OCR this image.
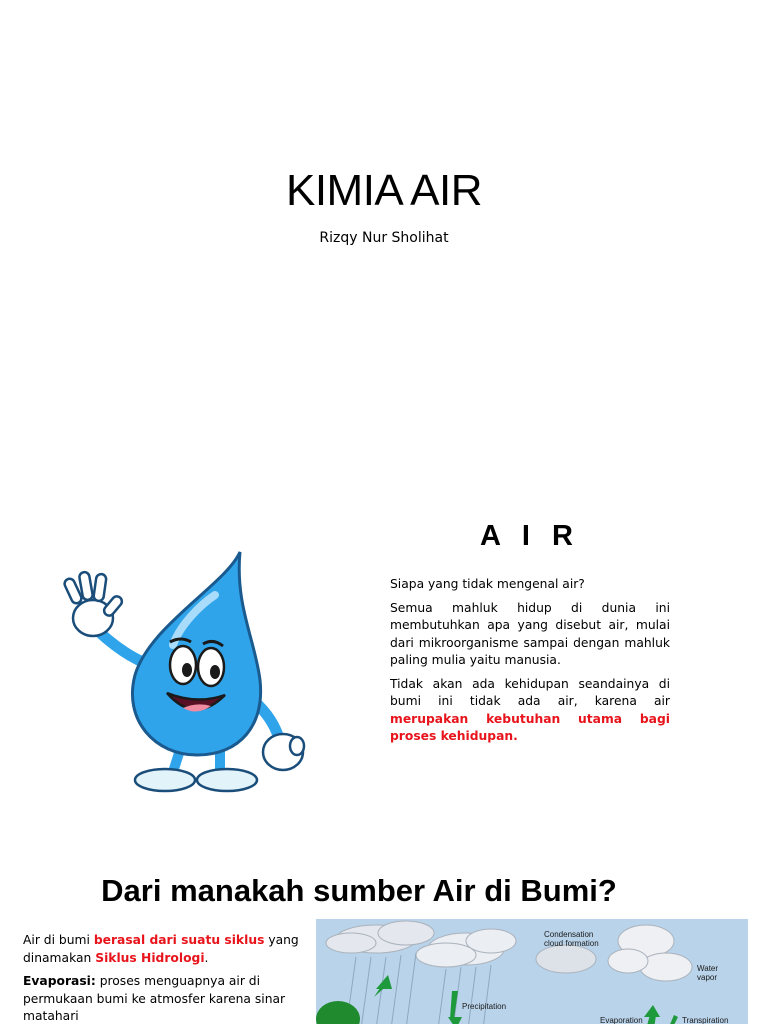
KIMIA AIR
Rizqy Nur Sholihat
A I R

Siapa yang tidak mengenal air?

Semua mahluk hidup di dunia ini membutuhkan apa yang disebut air, mulai dari mikroorganisme sampai dengan mahluk paling mulia yaitu manusia.

Tidak akan ada kehidupan seandainya di bumi ini tidak ada air, karena air merupakan kebutuhan utama bagi proses kehidupan.

Dari manakah sumber Air di Bumi?

Air di bumi berasal dari suatu siklus yang dinamakan Siklus Hidrologi.

Evaporasi: proses menguapnya air di permukaan bumi ke atmosfer karena sinar matahari

Condensation
cloud formation
Precipitation
Water
vapor
Evaporation	Transpiration
